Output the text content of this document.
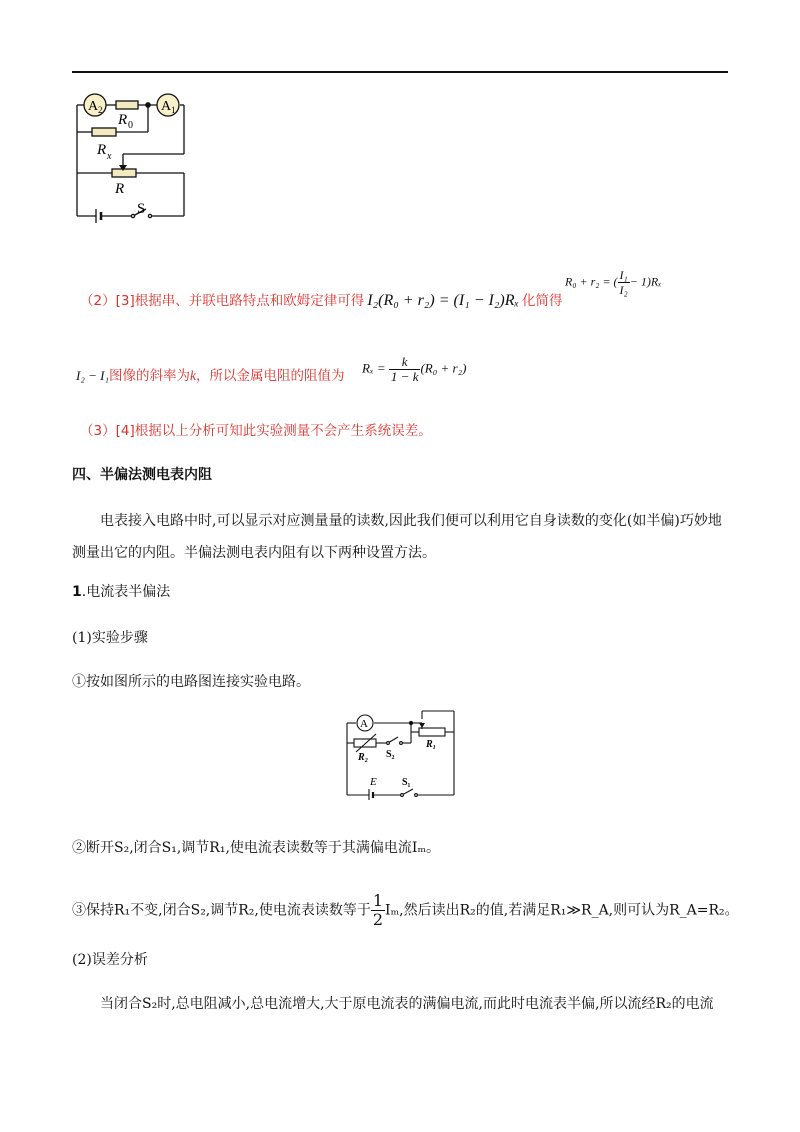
A 2	A 1
R 0
R x
R
S
（2）[3]根据串、并联电路特点和欧姆定律可得 I₂(R₀ + r₂) = (I₁ − I₂)Rₓ 化简得
R₀ + r₂ = ( $\frac{\text{I₁}}{\text{I₂}} - 1)R_x$
I₂ − I₁图像的斜率为k，所以金属电阻的阻值为
$R_x = \frac{k}{1 - k} (R_0 + r_2)$
（3）[4]根据以上分析可知此实验测量不会产生系统误差。
四、半偏法测电表内阻
电表接入电路中时,可以显示对应测量量的读数,因此我们便可以利用它自身读数的变化(如半偏)巧妙地测量出它的内阻。半偏法测电表内阻有以下两种设置方法。
1.电流表半偏法
(1)实验步骤
①按如图所示的电路图连接实验电路。
A
R₁
R₂ S₂
E	S₁
②断开S₂,闭合S₁,调节R₁,使电流表读数等于其满偏电流Iₘ。
③保持R₁不变,闭合S₂,调节R₂,使电流表读数等于 $\frac{1}{2} I_m$,然后读出R₂的值,若满足R₁≫R_A,则可认为R_A=R₂。
(2)误差分析
当闭合S₂时,总电阻减小,总电流增大,大于原电流表的满偏电流,而此时电流表半偏,所以流经R₂的电流
